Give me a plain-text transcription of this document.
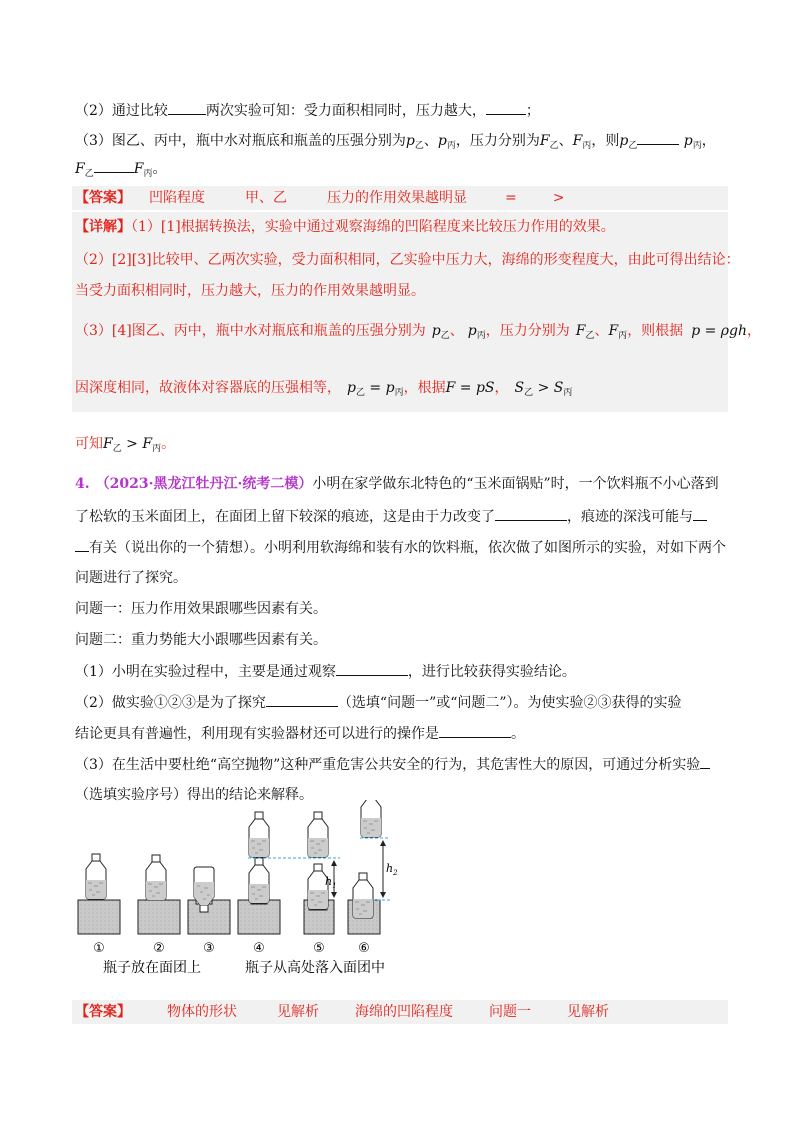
（2）通过比较	两次实验可知：受力面积相同时，压力越大，	；
（3）图乙、丙中，瓶中水对瓶底和瓶盖的压强分别为$p_乙$、$p_丙$，压力分别为$F_乙$、$F_丙$，则$p_乙$	$p_丙$，
$F_乙$	$F_丙$。
【答案】 凹陷程度	甲、乙	压力的作用效果越明显	=	>
【详解】（1）[1]根据转换法，实验中通过观察海绵的凹陷程度来比较压力作用的效果。
（2）[2][3]比较甲、乙两次实验，受力面积相同，乙实验中压力大，海绵的形变程度大，由此可得出结论：
当受力面积相同时，压力越大，压力的作用效果越明显。
（3）[4]图乙、丙中，瓶中水对瓶底和瓶盖的压强分别为 $p_乙$、 $p_丙$，压力分别为 $F_乙$、$F_丙$，则根据 p = ρgh，
因深度相同，故液体对容器底的压强相等， $p_乙 = p_丙$，根据F = pS， $S_乙 > S_丙$
可知$F_乙 > F_丙$。
4. （2023·黑龙江牡丹江·统考二模）小明在家学做东北特色的“玉米面锅贴”时，一个饮料瓶不小心落到
了松软的玉米面团上，在面团上留下较深的痕迹，这是由于力改变了	，痕迹的深浅可能与
有关（说出你的一个猜想）。小明利用软海绵和装有水的饮料瓶，依次做了如图所示的实验，对如下两个
问题进行了探究。
问题一：压力作用效果跟哪些因素有关。
问题二：重力势能大小跟哪些因素有关。
（1）小明在实验过程中，主要是通过观察	，进行比较获得实验结论。
（2）做实验①②③是为了探究	（选填“问题一”或“问题二”）。为使实验②③获得的实验
结论更具有普遍性，利用现有实验器材还可以进行的操作是	。
（3）在生活中要杜绝“高空抛物”这种严重危害公共安全的行为，其危害性大的原因，可通过分析实验
（选填实验序号）得出的结论来解释。
$h_1$
$h_2$
①	②	③	④	⑤	⑥
瓶子放在面团上	瓶子从高处落入面团中
【答案】	物体的形状	见解析	海绵的凹陷程度	问题一	见解析
